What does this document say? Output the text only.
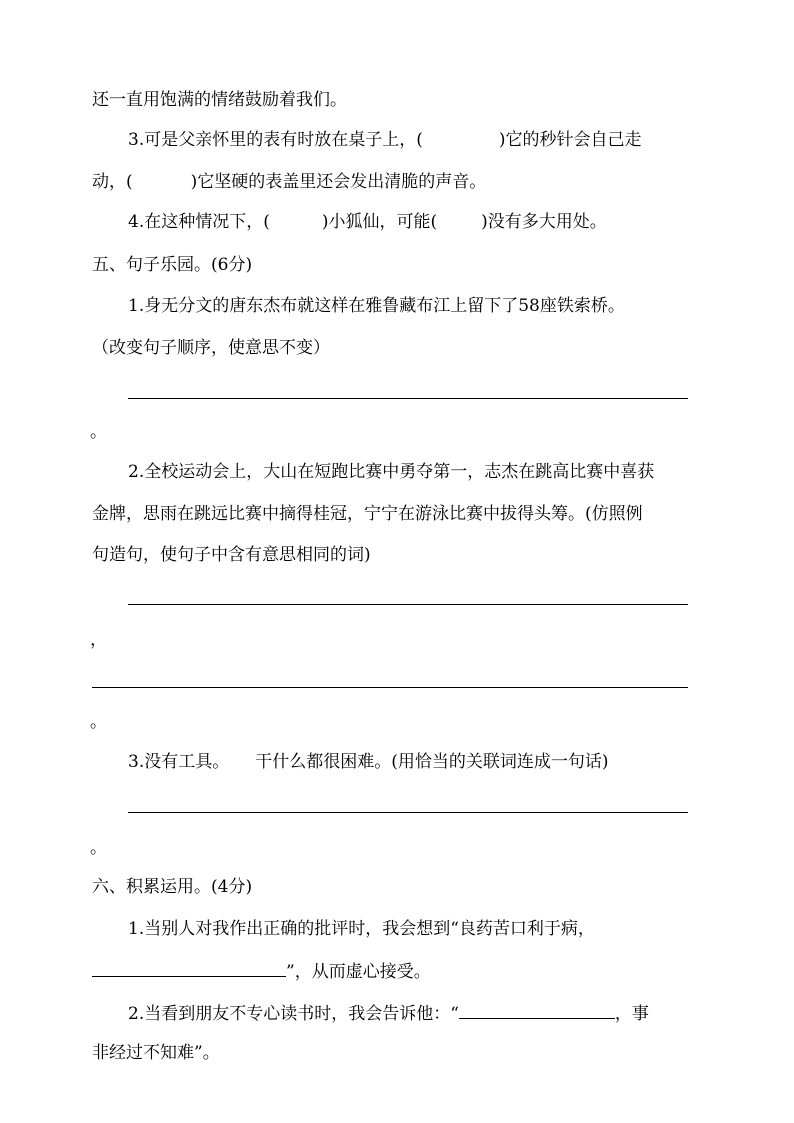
还一直用饱满的情绪鼓励着我们。
3.可是父亲怀里的表有时放在桌子上，(	)它的秒针会自己走
动，(	)它坚硬的表盖里还会发出清脆的声音。
4.在这种情况下，(	)小狐仙，可能(	)没有多大用处。
五、句子乐园。(6分)
1.身无分文的唐东杰布就这样在雅鲁藏布江上留下了58座铁索桥。
（改变句子顺序，使意思不变）
。
2.全校运动会上，大山在短跑比赛中勇夺第一，志杰在跳高比赛中喜获
金牌，思雨在跳远比赛中摘得桂冠，宁宁在游泳比赛中拔得头筹。(仿照例
句造句，使句子中含有意思相同的词)
，
。
3.没有工具。 干什么都很困难。(用恰当的关联词连成一句话)
。
六、积累运用。(4分)
1.当别人对我作出正确的批评时，我会想到“良药苦口利于病，
”，从而虚心接受。
2.当看到朋友不专心读书时，我会告诉他：“	，事
非经过不知难”。
